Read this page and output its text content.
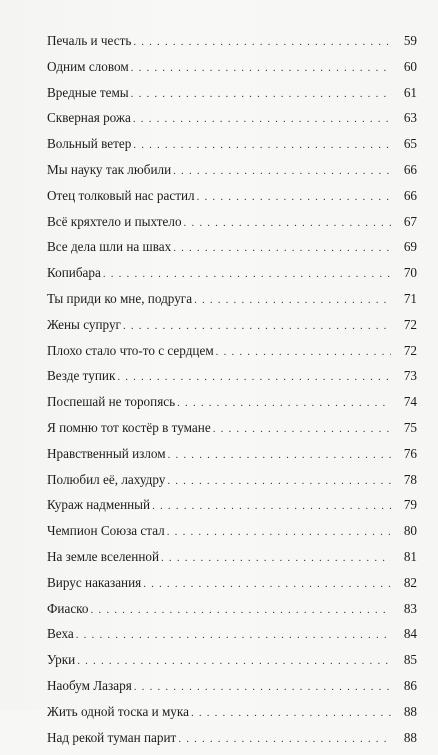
Печаль и честь . . .	59
Одним словом . . .	60
Вредные темы . . .	61
Скверная рожа . . .	63
Вольный ветер . . .	65
Мы науку так любили . . .	66
Отец толковый нас растил . . .	66
Всё кряхтело и пыхтело . . .	67
Все дела шли на швах . . .	69
Копибара . . .	70
Ты приди ко мне, подруга . . .	71
Жены супруг . . .	72
Плохо стало что-то с сердцем . . .	72
Везде тупик . . .	73
Поспешай не торопясь . . .	74
Я помню тот костёр в тумане . . .	75
Нравственный излом . . .	76
Полюбил её, лахудру . . .	78
Кураж надменный . . .	79
Чемпион Союза стал . . .	80
На земле вселенной . . .	81
Вирус наказания . . .	82
Фиаско . . .	83
Веха . . .	84
Урки . . .	85
Наобум Лазаря . . .	86
Жить одной тоска и мука . . .	88
Над рекой туман парит . . .	88
